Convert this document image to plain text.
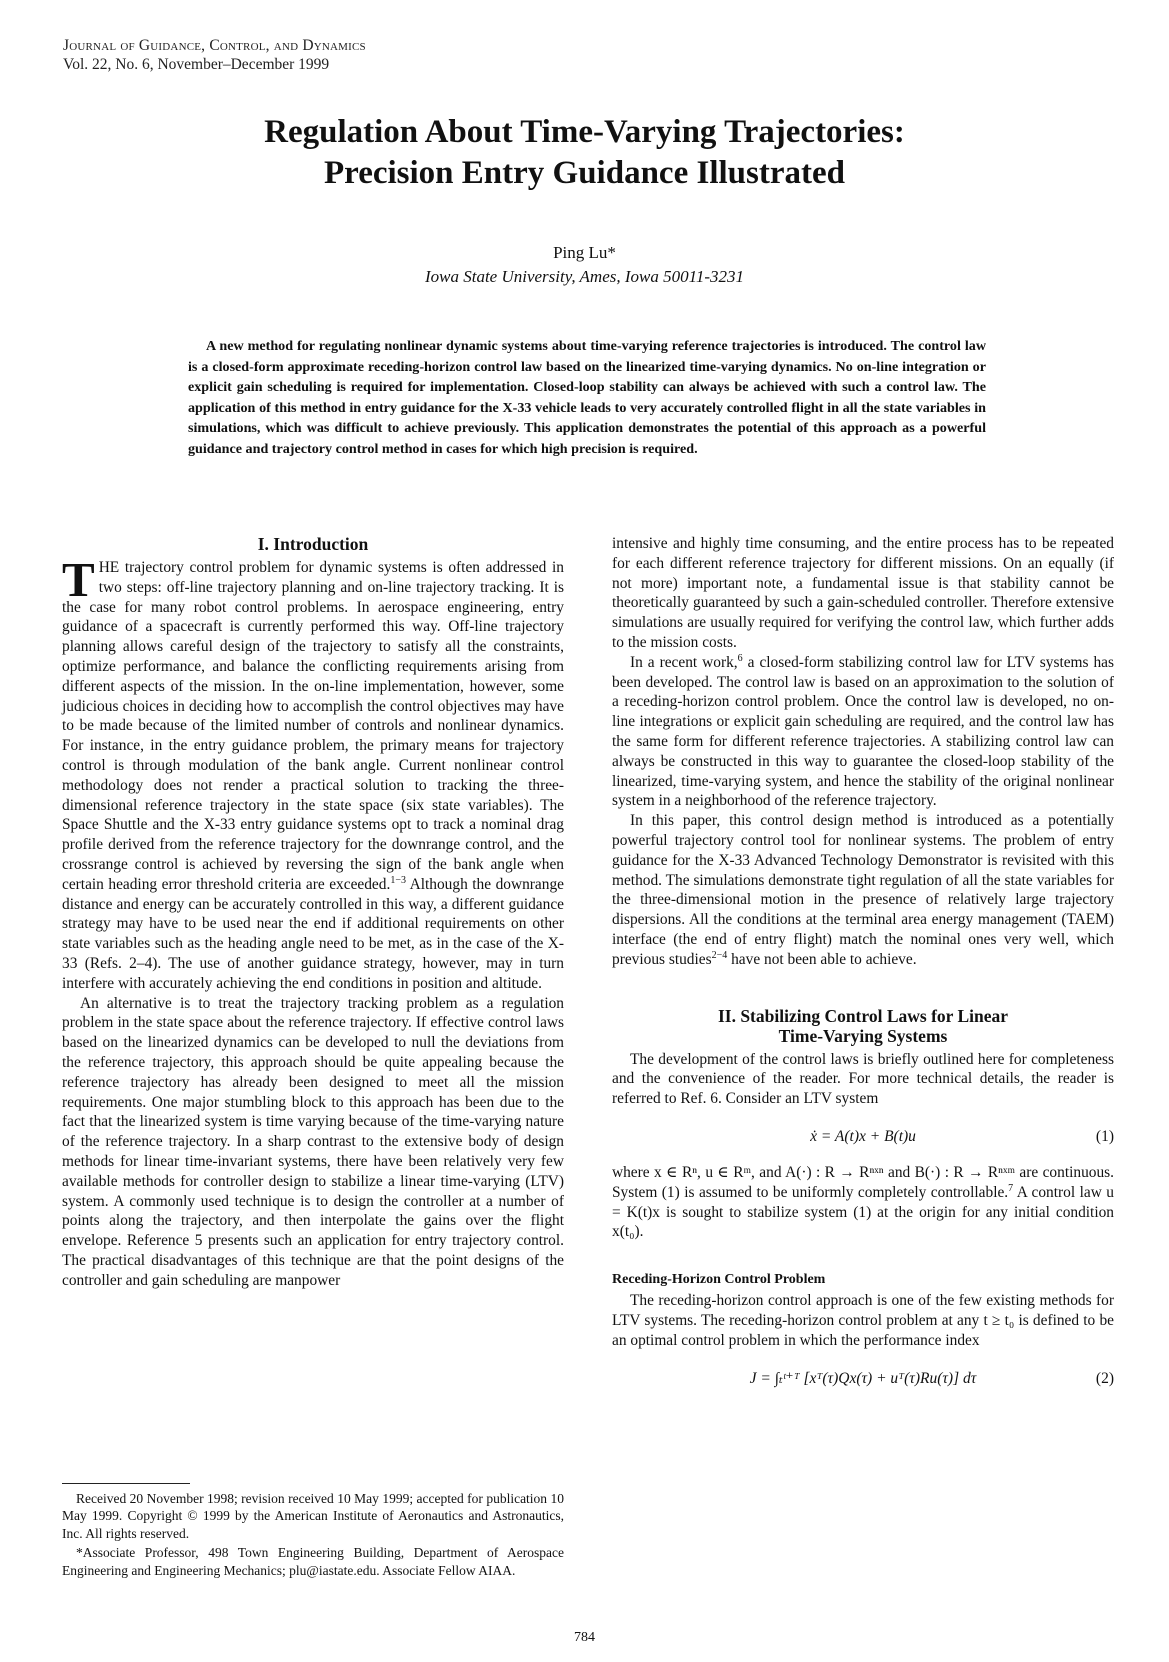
Journal of Guidance, Control, and Dynamics
Vol. 22, No. 6, November–December 1999
Regulation About Time-Varying Trajectories:
Precision Entry Guidance Illustrated
Ping Lu*
Iowa State University, Ames, Iowa 50011-3231
A new method for regulating nonlinear dynamic systems about time-varying reference trajectories is introduced. The control law is a closed-form approximate receding-horizon control law based on the linearized time-varying dynamics. No on-line integration or explicit gain scheduling is required for implementation. Closed-loop stability can always be achieved with such a control law. The application of this method in entry guidance for the X-33 vehicle leads to very accurately controlled flight in all the state variables in simulations, which was difficult to achieve previously. This application demonstrates the potential of this approach as a powerful guidance and trajectory control method in cases for which high precision is required.
I. Introduction

THE trajectory control problem for dynamic systems is often addressed in two steps: off-line trajectory planning and on-line trajectory tracking. It is the case for many robot control problems. In aerospace engineering, entry guidance of a spacecraft is currently performed this way. Off-line trajectory planning allows careful design of the trajectory to satisfy all the constraints, optimize performance, and balance the conflicting requirements arising from different aspects of the mission. In the on-line implementation, however, some judicious choices in deciding how to accomplish the control objectives may have to be made because of the limited number of controls and nonlinear dynamics. For instance, in the entry guidance problem, the primary means for trajectory control is through modulation of the bank angle. Current nonlinear control methodology does not render a practical solution to tracking the three-dimensional reference trajectory in the state space (six state variables). The Space Shuttle and the X-33 entry guidance systems opt to track a nominal drag profile derived from the reference trajectory for the downrange control, and the crossrange control is achieved by reversing the sign of the bank angle when certain heading error threshold criteria are exceeded.$^{1-3}$ Although the downrange distance and energy can be accurately controlled in this way, a different guidance strategy may have to be used near the end if additional requirements on other state variables such as the heading angle need to be met, as in the case of the X-33 (Refs. 2–4). The use of another guidance strategy, however, may in turn interfere with accurately achieving the end conditions in position and altitude.

An alternative is to treat the trajectory tracking problem as a regulation problem in the state space about the reference trajectory. If effective control laws based on the linearized dynamics can be developed to null the deviations from the reference trajectory, this approach should be quite appealing because the reference trajectory has already been designed to meet all the mission requirements. One major stumbling block to this approach has been due to the fact that the linearized system is time varying because of the time-varying nature of the reference trajectory. In a sharp contrast to the extensive body of design methods for linear time-invariant systems, there have been relatively very few available methods for controller design to stabilize a linear time-varying (LTV) system. A commonly used technique is to design the controller at a number of points along the trajectory, and then interpolate the gains over the flight envelope. Reference 5 presents such an application for entry trajectory control. The practical disadvantages of this technique are that the point designs of the controller and gain scheduling are manpower

intensive and highly time consuming, and the entire process has to be repeated for each different reference trajectory for different missions. On an equally (if not more) important note, a fundamental issue is that stability cannot be theoretically guaranteed by such a gain-scheduled controller. Therefore extensive simulations are usually required for verifying the control law, which further adds to the mission costs.

In a recent work,$^6$ a closed-form stabilizing control law for LTV systems has been developed. The control law is based on an approximation to the solution of a receding-horizon control problem. Once the control law is developed, no on-line integrations or explicit gain scheduling are required, and the control law has the same form for different reference trajectories. A stabilizing control law can always be constructed in this way to guarantee the closed-loop stability of the linearized, time-varying system, and hence the stability of the original nonlinear system in a neighborhood of the reference trajectory.

In this paper, this control design method is introduced as a potentially powerful trajectory control tool for nonlinear systems. The problem of entry guidance for the X-33 Advanced Technology Demonstrator is revisited with this method. The simulations demonstrate tight regulation of all the state variables for the three-dimensional motion in the presence of relatively large trajectory dispersions. All the conditions at the terminal area energy management (TAEM) interface (the end of entry flight) match the nominal ones very well, which previous studies$^{2-4}$ have not been able to achieve.

II. Stabilizing Control Laws for Linear
Time-Varying Systems

The development of the control laws is briefly outlined here for completeness and the convenience of the reader. For more technical details, the reader is referred to Ref. 6. Consider an LTV system

ẋ = A(t)x + B(t)u	(1)

where x ∈ Rⁿ, u ∈ Rᵐ, and A(·) : R → Rⁿˣⁿ and B(·) : R → Rⁿˣᵐ are continuous. System (1) is assumed to be uniformly completely controllable.$^7$ A control law u = K(t)x is sought to stabilize system (1) at the origin for any initial condition x(t₀).

Receding-Horizon Control Problem

The receding-horizon control approach is one of the few existing methods for LTV systems. The receding-horizon control problem at any t ≥ t₀ is defined to be an optimal control problem in which the performance index

J = ∫ₜᵗ⁺ᵀ [xᵀ(τ)Qx(τ) + uᵀ(τ)Ru(τ)] dτ	(2)

Received 20 November 1998; revision received 10 May 1999; accepted for publication 10 May 1999. Copyright © 1999 by the American Institute of Aeronautics and Astronautics, Inc. All rights reserved.

*Associate Professor, 498 Town Engineering Building, Department of Aerospace Engineering and Engineering Mechanics; plu@iastate.edu. Associate Fellow AIAA.

784
